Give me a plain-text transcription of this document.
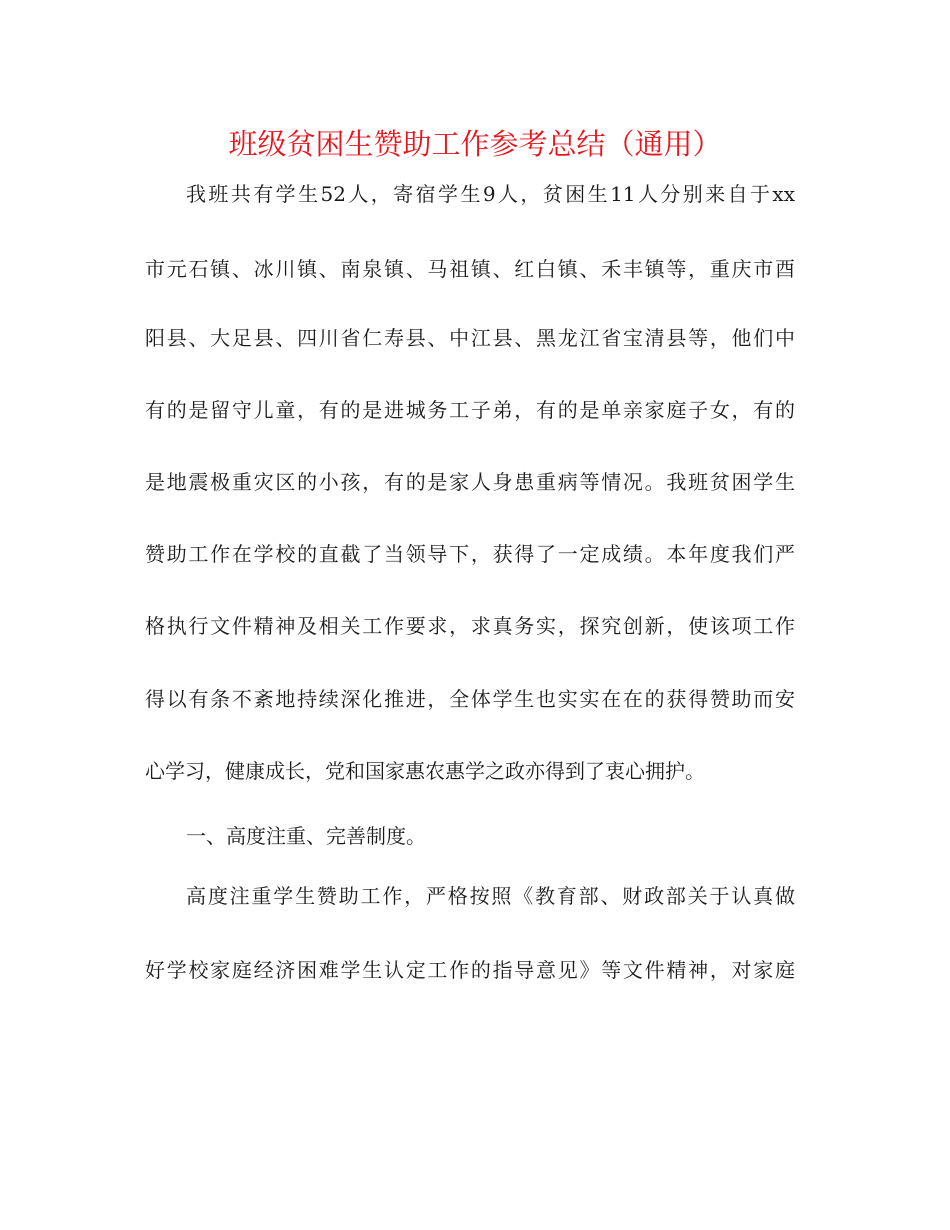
班级贫困生赞助工作参考总结（通用）
我班共有学生52人，寄宿学生9人，贫困生11人分别来自于xx
市元石镇、冰川镇、南泉镇、马祖镇、红白镇、禾丰镇等，重庆市酉
阳县、大足县、四川省仁寿县、中江县、黑龙江省宝清县等，他们中
有的是留守儿童，有的是进城务工子弟，有的是单亲家庭子女，有的
是地震极重灾区的小孩，有的是家人身患重病等情况。我班贫困学生
赞助工作在学校的直截了当领导下，获得了一定成绩。本年度我们严
格执行文件精神及相关工作要求，求真务实，探究创新，使该项工作
得以有条不紊地持续深化推进，全体学生也实实在在的获得赞助而安
心学习，健康成长，党和国家惠农惠学之政亦得到了衷心拥护。
一、高度注重、完善制度。
高度注重学生赞助工作，严格按照《教育部、财政部关于认真做
好学校家庭经济困难学生认定工作的指导意见》等文件精神，对家庭
